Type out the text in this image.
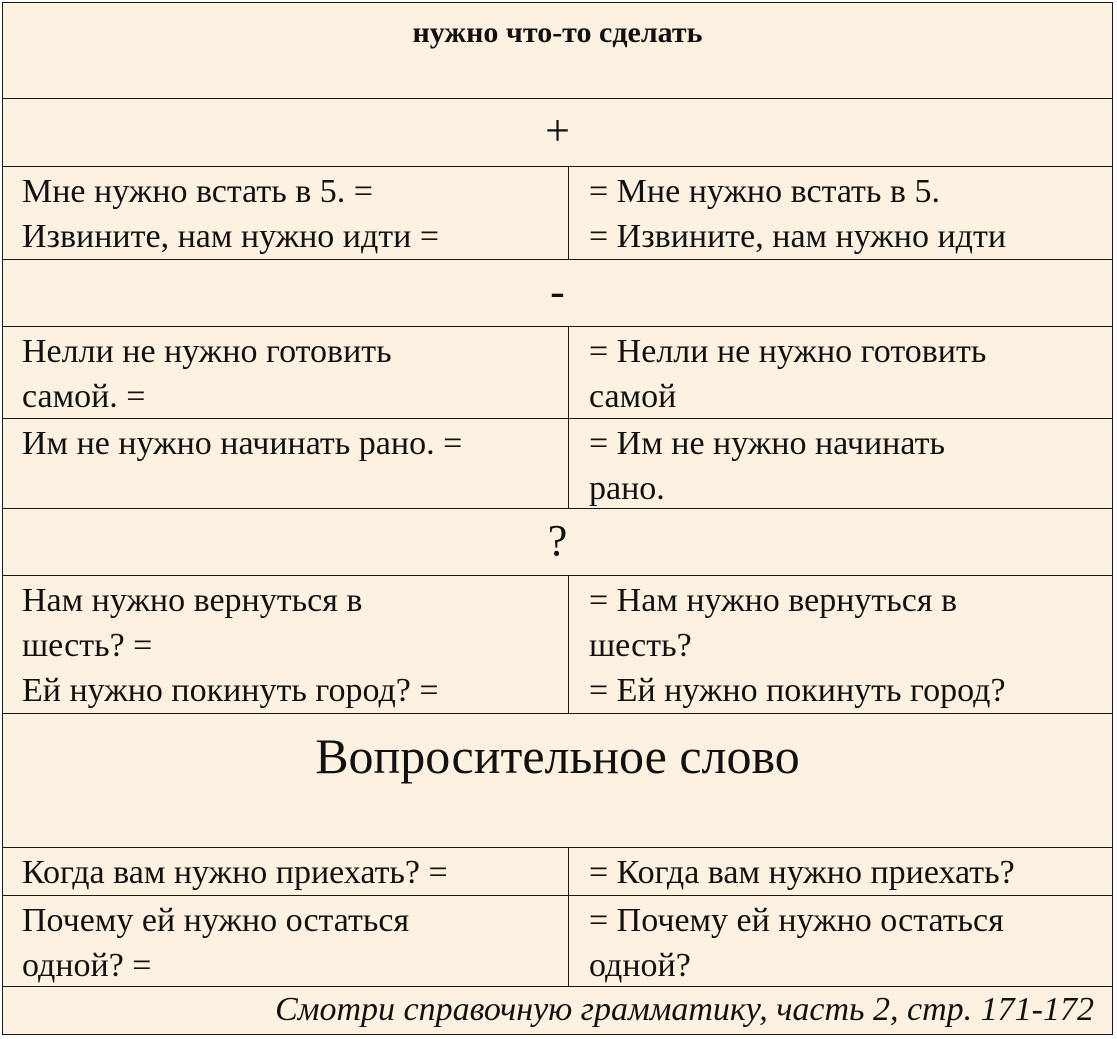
нужно что-то сделать
+
Мне нужно встать в 5. =
Извините, нам нужно идти =
= Мне нужно встать в 5.
= Извините, нам нужно идти
-
Нелли не нужно готовить
самой. =
= Нелли не нужно готовить
самой
Им не нужно начинать рано. =	= Им не нужно начинать
рано.
?
Нам нужно вернуться в
шесть? =
Ей нужно покинуть город? =
= Нам нужно вернуться в
шесть?
= Ей нужно покинуть город?
Вопросительное слово
Когда вам нужно приехать? =	= Когда вам нужно приехать?
Почему ей нужно остаться
одной? =
= Почему ей нужно остаться
одной?
Смотри справочную грамматику, часть 2, стр. 171-172
